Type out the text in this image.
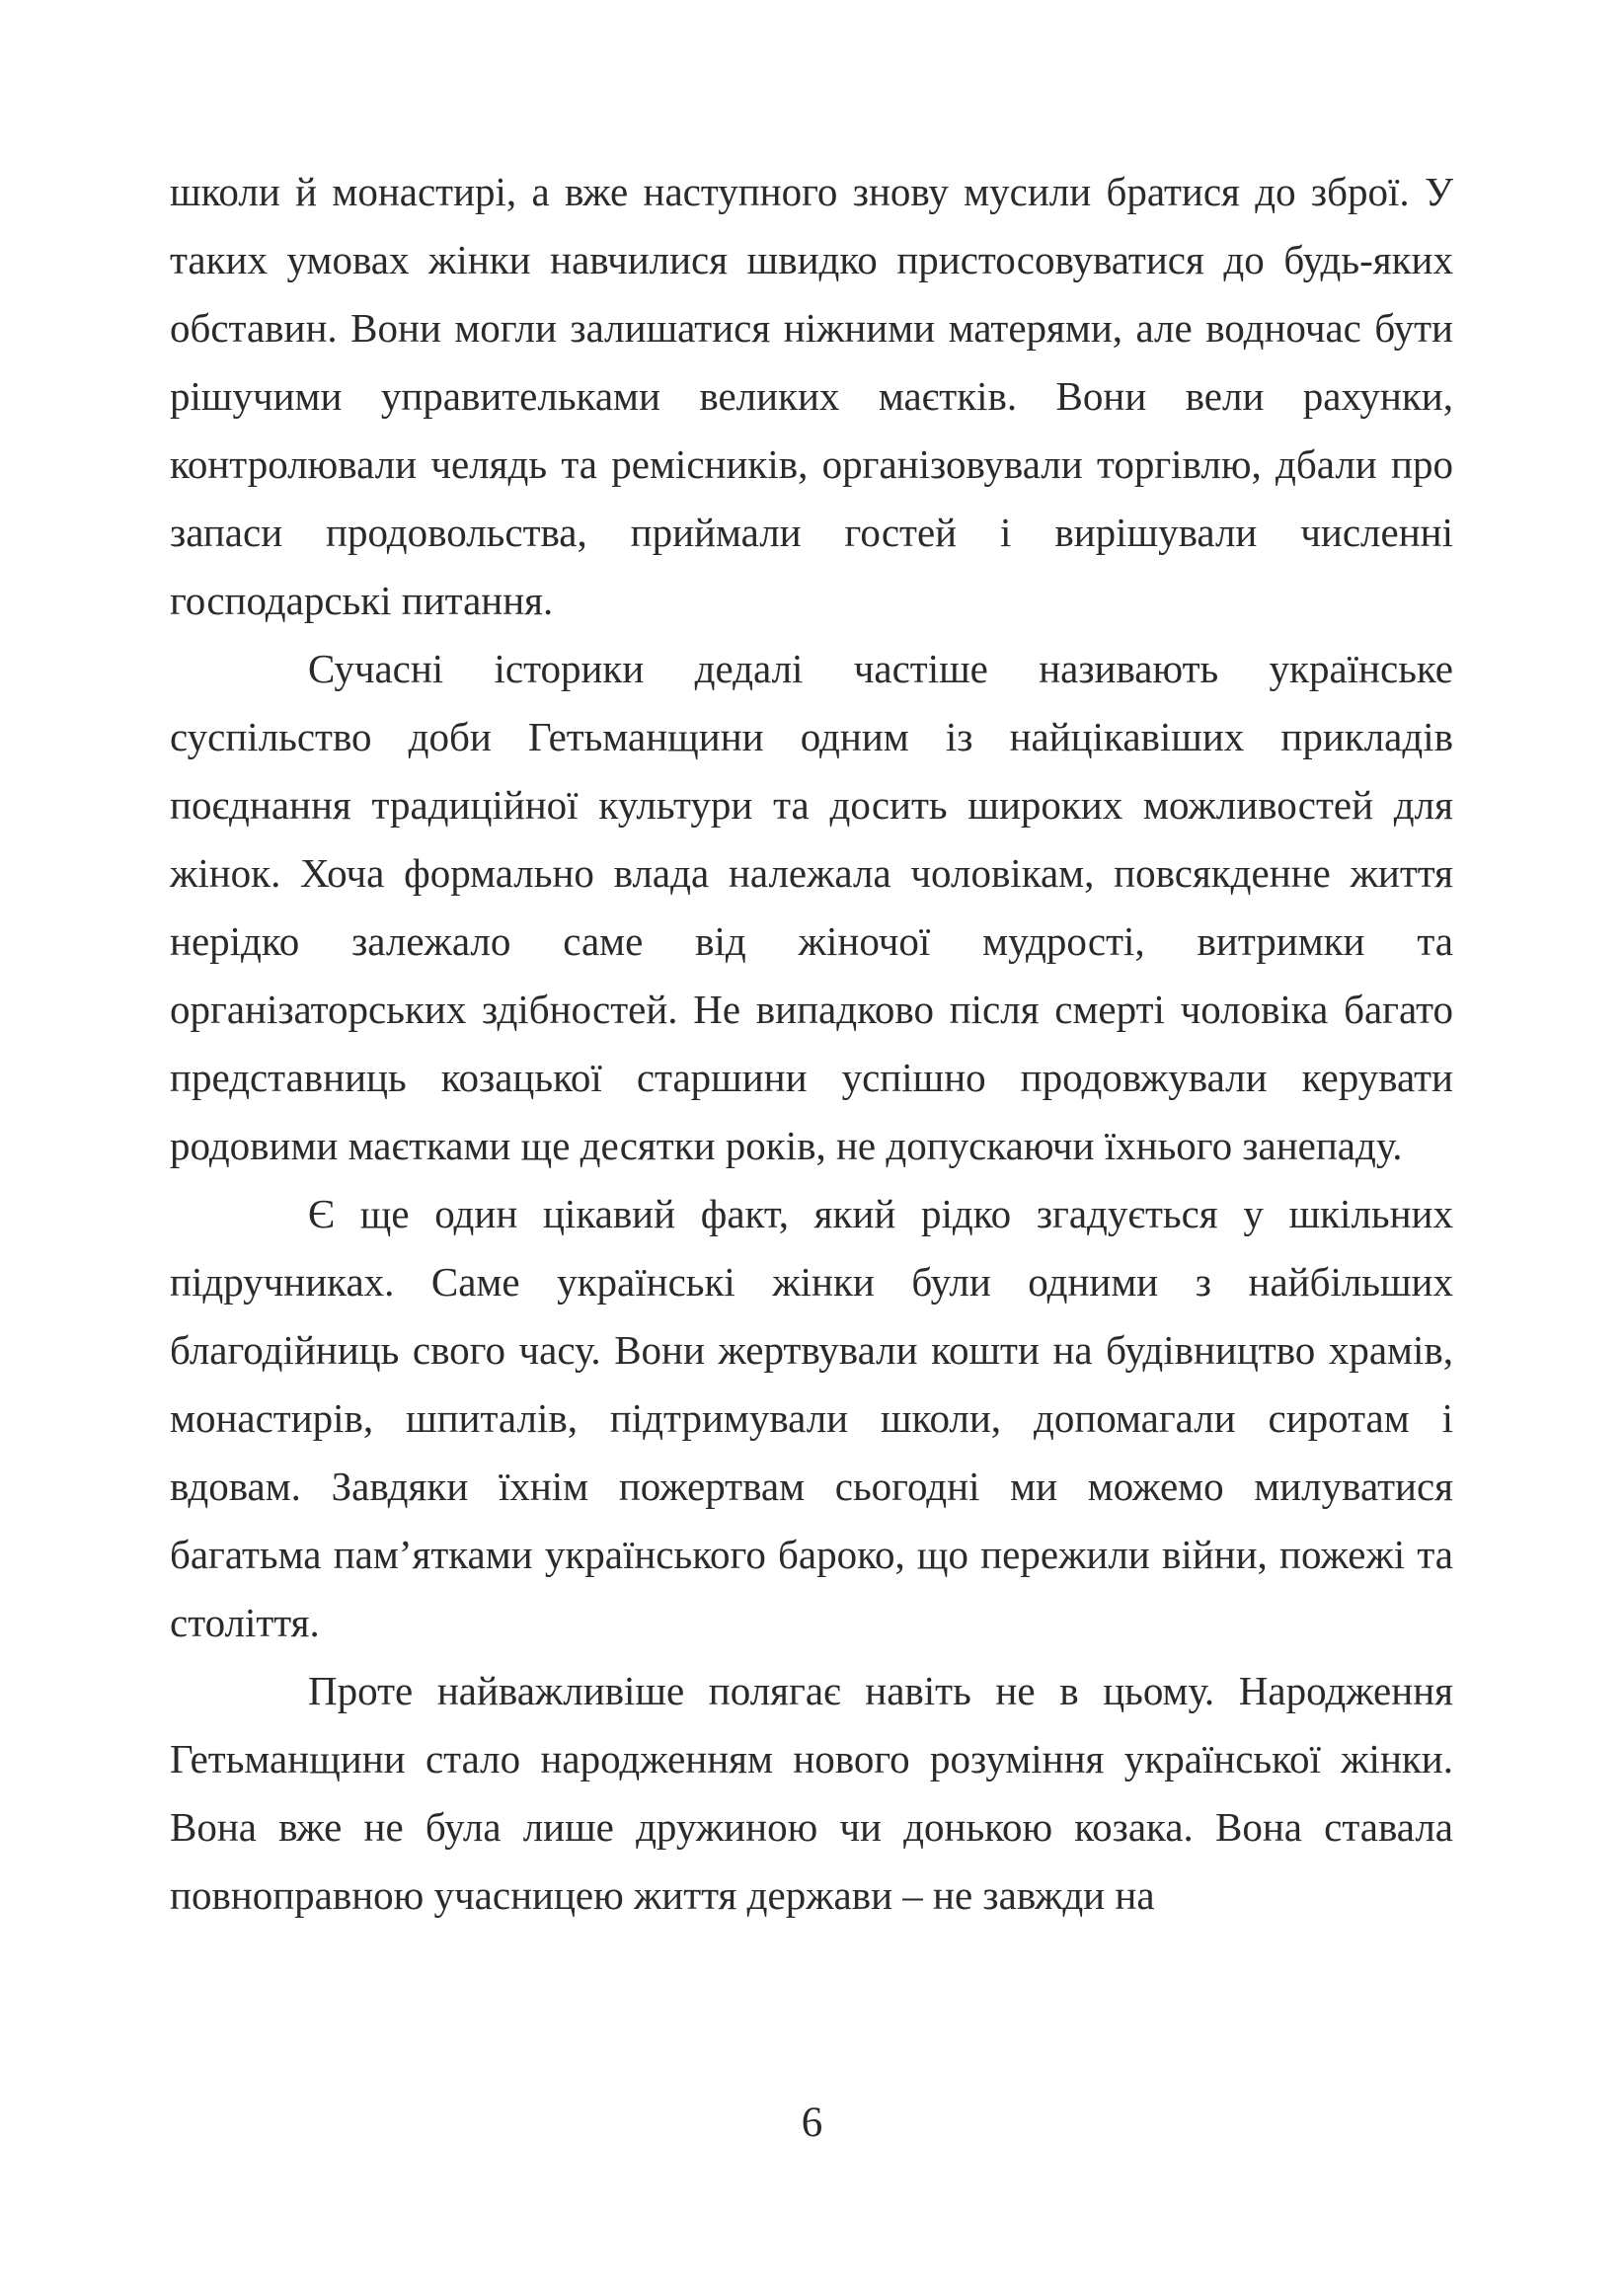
школи й монастирі, а вже наступного знову мусили братися до зброї. У таких умовах жінки навчилися швидко пристосовуватися до будь-яких обставин. Вони могли залишатися ніжними матерями, але водночас бути рішучими управительками великих маєтків. Вони вели рахунки, контролювали челядь та ремісників, організовували торгівлю, дбали про запаси продовольства, приймали гостей і вирішували численні господарські питання.

Сучасні історики дедалі частіше називають українське суспільство доби Гетьманщини одним із найцікавіших прикладів поєднання традиційної культури та досить широких можливостей для жінок. Хоча формально влада належала чоловікам, повсякденне життя нерідко залежало саме від жіночої мудрості, витримки та організаторських здібностей. Не випадково після смерті чоловіка багато представниць козацької старшини успішно продовжували керувати родовими маєтками ще десятки років, не допускаючи їхнього занепаду.

Є ще один цікавий факт, який рідко згадується у шкільних підручниках. Саме українські жінки були одними з найбільших благодійниць свого часу. Вони жертвували кошти на будівництво храмів, монастирів, шпиталів, підтримували школи, допомагали сиротам і вдовам. Завдяки їхнім пожертвам сьогодні ми можемо милуватися багатьма пам’ятками українського бароко, що пережили війни, пожежі та століття.

Проте найважливіше полягає навіть не в цьому. Народження Гетьманщини стало народженням нового розуміння української жінки. Вона вже не була лише дружиною чи донькою козака. Вона ставала повноправною учасницею життя держави – не завжди на

6
